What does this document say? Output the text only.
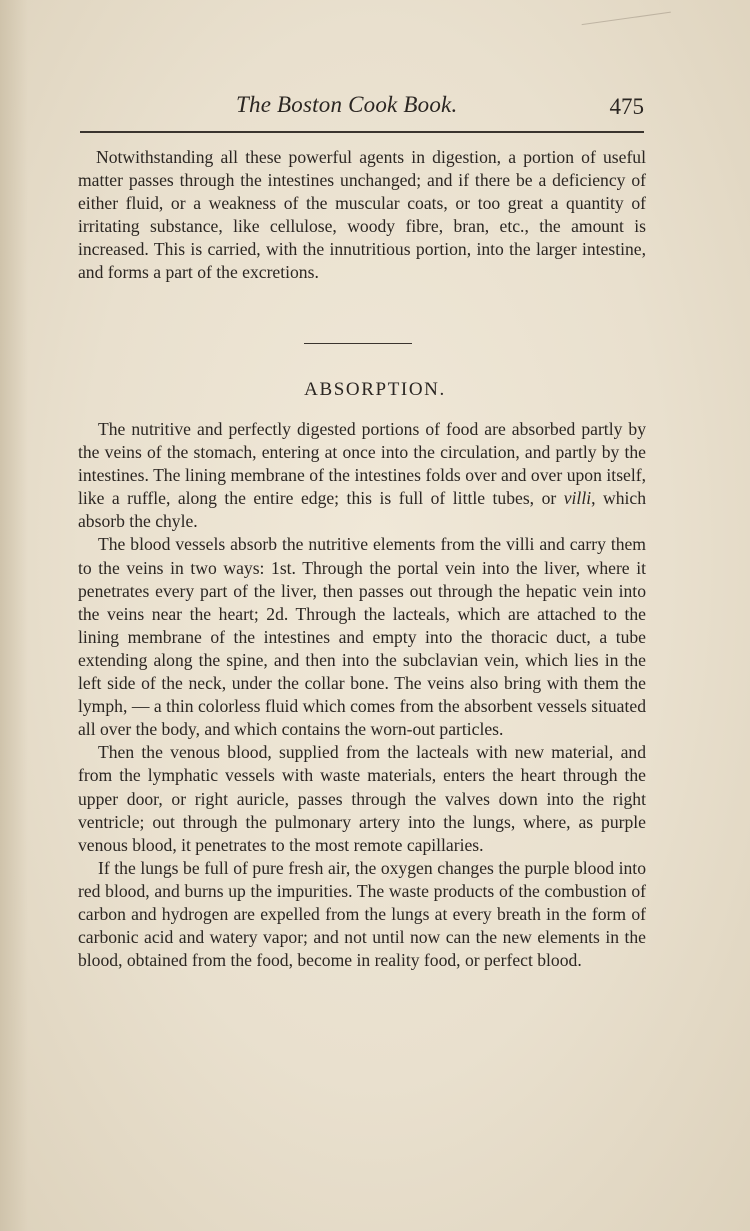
The Boston Cook Book.	475

Notwithstanding all these powerful agents in digestion, a portion of useful matter passes through the intestines unchanged; and if there be a deficiency of either fluid, or a weakness of the muscular coats, or too great a quantity of irritating substance, like cellulose, woody fibre, bran, etc., the amount is increased. This is carried, with the innutritious portion, into the larger intestine, and forms a part of the excretions.

ABSORPTION.

The nutritive and perfectly digested portions of food are absorbed partly by the veins of the stomach, entering at once into the circulation, and partly by the intestines. The lining membrane of the intestines folds over and over upon itself, like a ruffle, along the entire edge; this is full of little tubes, or villi, which absorb the chyle.

The blood vessels absorb the nutritive elements from the villi and carry them to the veins in two ways: 1st. Through the portal vein into the liver, where it penetrates every part of the liver, then passes out through the hepatic vein into the veins near the heart; 2d. Through the lacteals, which are attached to the lining membrane of the intestines and empty into the thoracic duct, a tube extending along the spine, and then into the subclavian vein, which lies in the left side of the neck, under the collar bone. The veins also bring with them the lymph, — a thin colorless fluid which comes from the absorbent vessels situated all over the body, and which contains the worn-out particles.

Then the venous blood, supplied from the lacteals with new material, and from the lymphatic vessels with waste materials, enters the heart through the upper door, or right auricle, passes through the valves down into the right ventricle; out through the pulmonary artery into the lungs, where, as purple venous blood, it penetrates to the most remote capillaries.

If the lungs be full of pure fresh air, the oxygen changes the purple blood into red blood, and burns up the impurities. The waste products of the combustion of carbon and hydrogen are expelled from the lungs at every breath in the form of carbonic acid and watery vapor; and not until now can the new elements in the blood, obtained from the food, become in reality food, or perfect blood.
